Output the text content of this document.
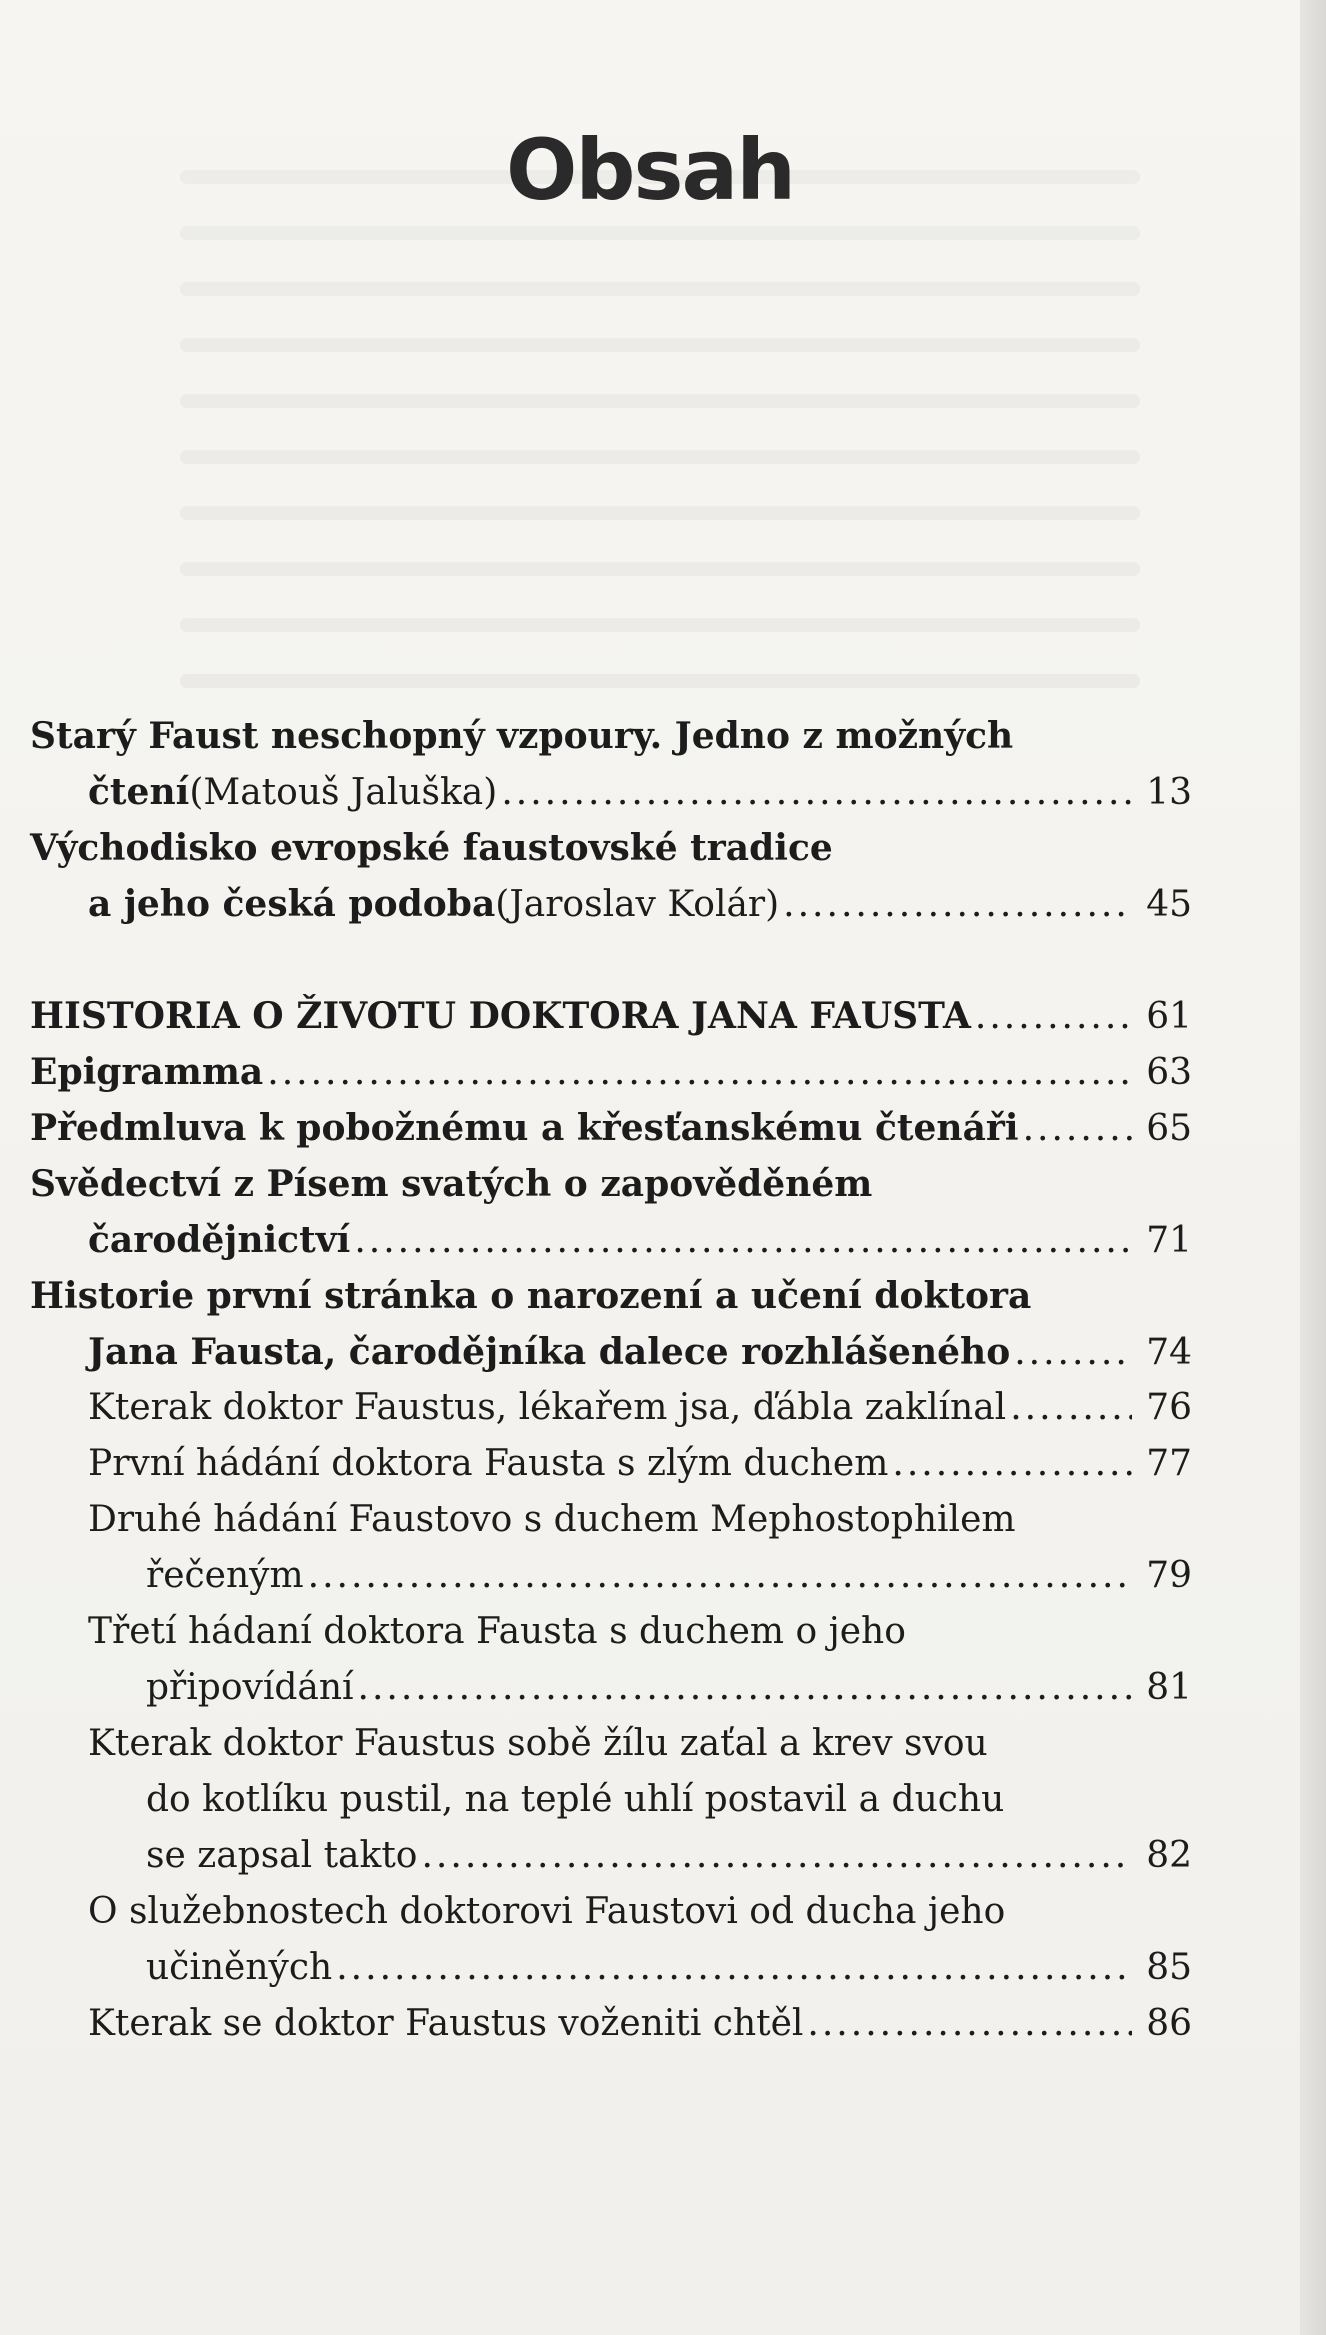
Obsah
Starý Faust neschopný vzpoury. Jedno z možných
čtení (Matouš Jaluška) .....	13
Východisko evropské faustovské tradice
a jeho česká podoba (Jaroslav Kolár) .....	45
HISTORIA O ŽIVOTU DOKTORA JANA FAUSTA .....	61
Epigramma .....	63
Předmluva k pobožnému a křesťanskému čtenáři .....	65
Svědectví z Písem svatých o zapověděném
čarodějnictví .....	71
Historie první stránka o narození a učení doktora
Jana Fausta, čarodějníka dalece rozhlášeného .....	74
Kterak doktor Faustus, lékařem jsa, ďábla zaklínal .....	76
První hádání doktora Fausta s zlým duchem .....	77
Druhé hádání Faustovo s duchem Mephostophilem
řečeným .....	79
Třetí hádaní doktora Fausta s duchem o jeho
připovídání .....	81
Kterak doktor Faustus sobě žílu zaťal a krev svou
do kotlíku pustil, na teplé uhlí postavil a duchu
se zapsal takto .....	82
O služebnostech doktorovi Faustovi od ducha jeho
učiněných .....	85
Kterak se doktor Faustus voženiti chtěl .....	86
